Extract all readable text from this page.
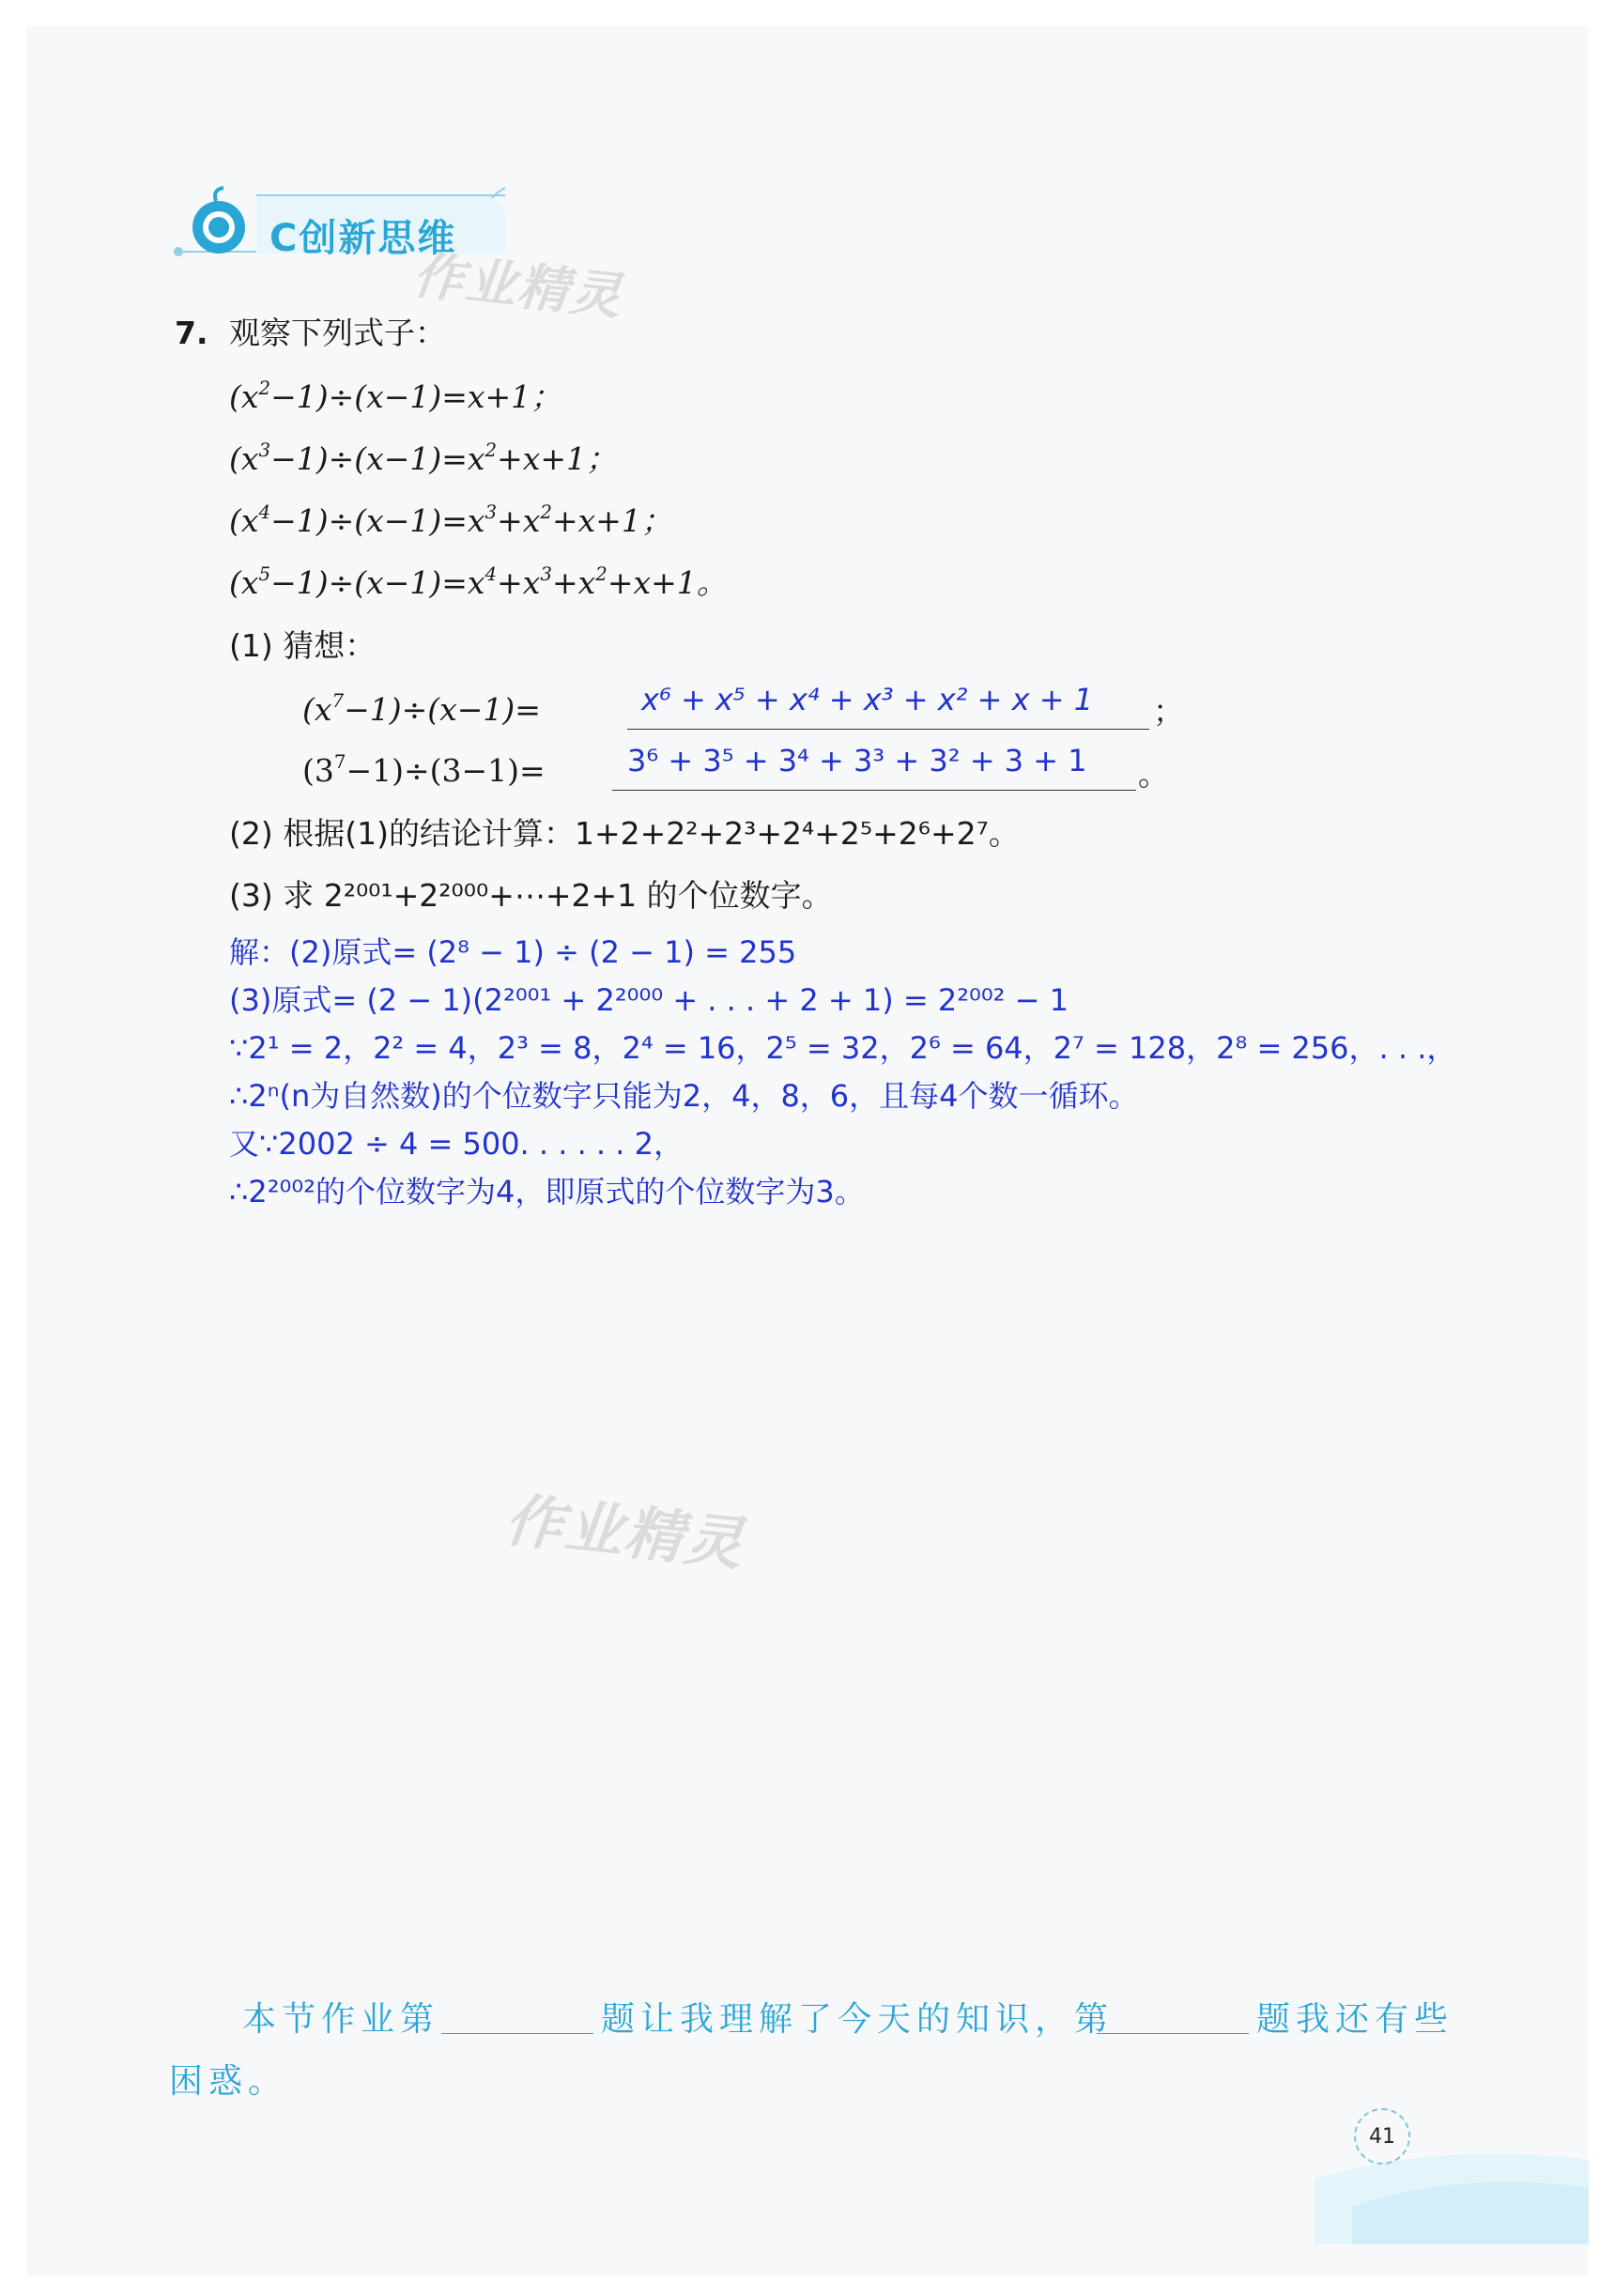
C创新思维
作业精灵
作业精灵
7. 观察下列式子：
$(x^2-1)\div(x-1)=x+1$；
$(x^3-1)\div(x-1)=x^2+x+1$；
$(x^4-1)\div(x-1)=x^3+x^2+x+1$；
$(x^5-1)\div(x-1)=x^4+x^3+x^2+x+1$。
(1) 猜想：
$(x^7-1)\div(x-1)=$	x⁶ + x⁵ + x⁴ + x³ + x² + x + 1 ；
$(3^7-1)\div(3-1)=$	3⁶ + 3⁵ + 3⁴ + 3³ + 3² + 3 + 1 。
(2) 根据(1)的结论计算：1+2+2²+2³+2⁴+2⁵+2⁶+2⁷。
(3) 求 2²⁰⁰¹+2²⁰⁰⁰+⋯+2+1 的个位数字。
解：(2)原式= (2⁸ − 1) ÷ (2 − 1) = 255
(3)原式= (2 − 1)(2²⁰⁰¹ + 2²⁰⁰⁰ + . . . + 2 + 1) = 2²⁰⁰² − 1
∵2¹ = 2，2² = 4，2³ = 8，2⁴ = 16，2⁵ = 32，2⁶ = 64，2⁷ = 128，2⁸ = 256，. . .，
∴2ⁿ(n为自然数)的个位数字只能为2，4，8，6，且每4个数一循环。
又∵2002 ÷ 4 = 500. . . . . . 2，
∴2²⁰⁰²的个位数字为4，即原式的个位数字为3。
本节作业第	题让我理解了今天的知识，第	题我还有些
困惑。
41
